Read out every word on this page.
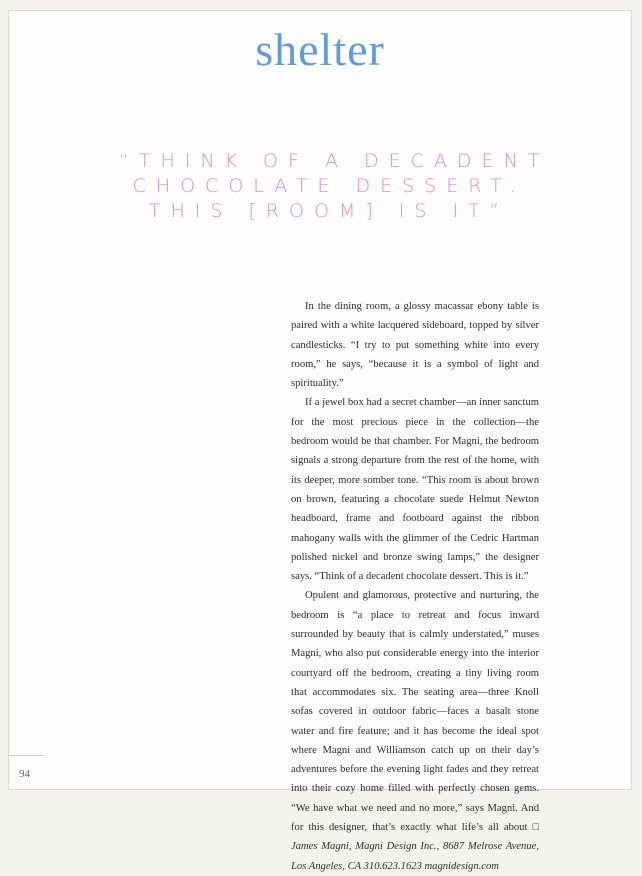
shelter
“THINK OF A DECADENT
CHOCOLATE DESSERT.
THIS [ROOM] IS IT”

In the dining room, a glossy macassar ebony table is paired with a white lacquered sideboard, topped by silver candlesticks. “I try to put something white into every room,” he says, “because it is a symbol of light and spirituality.”

If a jewel box had a secret chamber—an inner sanctum for the most precious piece in the collection—the bedroom would be that chamber. For Magni, the bedroom signals a strong departure from the rest of the home, with its deeper, more somber tone. “This room is about brown on brown, featuring a chocolate suede Helmut Newton headboard, frame and footboard against the ribbon mahogany walls with the glimmer of the Cedric Hartman polished nickel and bronze swing lamps,” the designer says. “Think of a decadent chocolate dessert. This is it.”

Opulent and glamorous, protective and nurturing, the bedroom is “a place to retreat and focus inward surrounded by beauty that is calmly understated,” muses Magni, who also put considerable energy into the interior courtyard off the bedroom, creating a tiny living room that accommodates six. The seating area—three Knoll sofas covered in outdoor fabric—faces a basalt stone water and fire feature; and it has become the ideal spot where Magni and Williamson catch up on their day’s adventures before the evening light fades and they retreat into their cozy home filled with perfectly chosen gems. “We have what we need and no more,” says Magni. And for this designer, that’s exactly what life’s all about □ James Magni, Magni Design Inc., 8687 Melrose Avenue, Los Angeles, CA 310.623.1623 magnidesign.com

94
